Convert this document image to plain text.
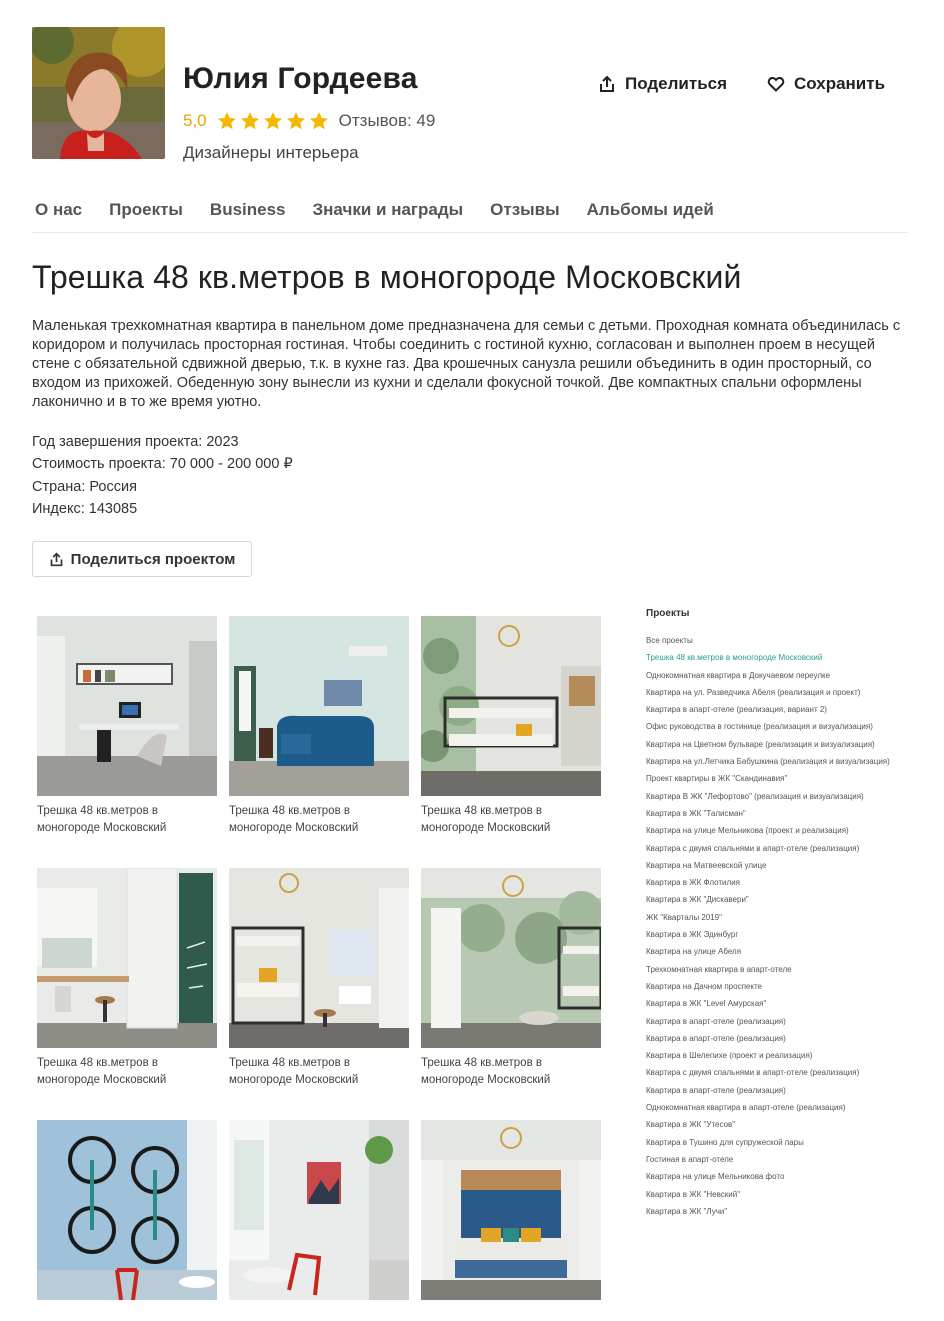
Юлия Гордеева
5,0	Отзывов: 49
Дизайнеры интерьера
Поделиться	Сохранить
О нас Проекты Business Значки и награды Отзывы Альбомы идей
Трешка 48 кв.метров в моногороде Московский

Маленькая трехкомнатная квартира в панельном доме предназначена для семьи с детьми. Проходная комната объединилась с коридором и получилась просторная гостиная. Чтобы соединить с гостиной кухню, согласован и выполнен проем в несущей стене с обязательной сдвижной дверью, т.к. в кухне газ. Два крошечных санузла решили объединить в один просторный, со входом из прихожей. Обеденную зону вынесли из кухни и сделали фокусной точкой. Две компактных спальни оформлены лаконично и в то же время уютно.

Год завершения проекта: 2023
Стоимость проекта: 70 000 - 200 000 ₽
Страна: Россия
Индекс: 143085
Поделиться проектом
Трешка 48 кв.метров в моногороде Московский
Трешка 48 кв.метров в моногороде Московский
Трешка 48 кв.метров в моногороде Московский
Трешка 48 кв.метров в моногороде Московский
Трешка 48 кв.метров в моногороде Московский
Трешка 48 кв.метров в моногороде Московский
Проекты
Все проекты
Трешка 48 кв.метров в моногороде Московский
Однокомнатная квартира в Докучаевом переулке
Квартира на ул. Разведчика Абеля (реализация и проект)
Квартира в апарт-отеле (реализация, вариант 2)
Офис руководства в гостинице (реализация и визуализация)
Квартира на Цветном бульваре (реализация и визуализация)
Квартира на ул.Летчика Бабушкина (реализация и визуализация)
Проект квартиры в ЖК "Скандинавия"
Квартира В ЖК "Лефортово" (реализация и визуализация)
Квартира в ЖК "Талисман"
Квартира на улице Мельникова (проект и реализация)
Квартира с двумя спальнями в апарт-отеле (реализация)
Квартира на Матвеевской улице
Квартира в ЖК Флотилия
Квартира в ЖК "Дискавери"
ЖК "Кварталы 2019"
Квартира в ЖК Эдинбург
Квартира на улице Абеля
Трехкомнатная квартира в апарт-отеле
Квартира на Дачном проспекте
Квартира в ЖК "Level Амурская"
Квартира в апарт-отеле (реализация)
Квартира в апарт-отеле (реализация)
Квартира в Шелепихе (проект и реализация)
Квартира с двумя спальнями в апарт-отеле (реализация)
Квартира в апарт-отеле (реализация)
Однокомнатная квартира в апарт-отеле (реализация)
Квартира в ЖК "Утесов"
Квартира в Тушино для супружеской пары
Гостиная в апарт-отеле
Квартира на улице Мельникова фото
Квартира в ЖК "Невский"
Квартира в ЖК "Лучи"
